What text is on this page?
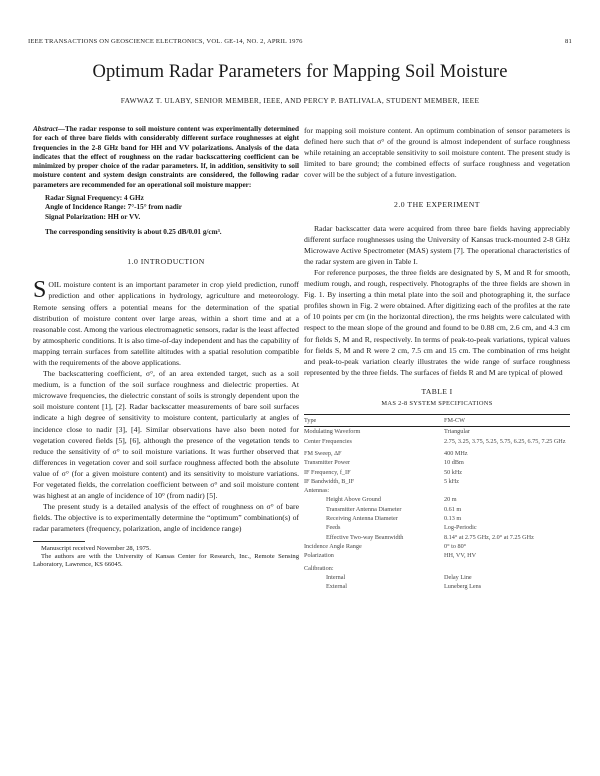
IEEE TRANSACTIONS ON GEOSCIENCE ELECTRONICS, VOL. GE-14, NO. 2, APRIL 1976	81
Optimum Radar Parameters for Mapping Soil Moisture
FAWWAZ T. ULABY, SENIOR MEMBER, IEEE, AND PERCY P. BATLIVALA, STUDENT MEMBER, IEEE

Abstract—The radar response to soil moisture content was experimentally determined for each of three bare fields with considerably different surface roughnesses at eight frequencies in the 2-8 GHz band for HH and VV polarizations. Analysis of the data indicates that the effect of roughness on the radar backscattering coefficient can be minimized by proper choice of the radar parameters. If, in addition, sensitivity to soil moisture content and system design constraints are considered, the following radar parameters are recommended for an operational soil moisture mapper:

Radar Signal Frequency: 4 GHz
Angle of Incidence Range: 7°-15° from nadir
Signal Polarization: HH or VV.
The corresponding sensitivity is about 0.25 dB/0.01 g/cm³.
1.0 INTRODUCTION

SOIL moisture content is an important parameter in crop yield prediction, runoff prediction and other applications in hydrology, agriculture and meteorology. Remote sensing offers a potential means for the determination of the spatial distribution of moisture content over large areas, within a short time and at a reasonable cost. Among the various electromagnetic sensors, radar is the least affected by atmospheric conditions. It is also time-of-day independent and has the capability of mapping terrain surfaces from satellite altitudes with a spatial resolution compatible with the requirements of the above applications.

The backscattering coefficient, σ°, of an area extended target, such as a soil medium, is a function of the soil surface roughness and dielectric properties. At microwave frequencies, the dielectric constant of soils is strongly dependent upon the soil moisture content [1], [2]. Radar backscatter measurements of bare soil surfaces indicate a high degree of sensitivity to moisture content, particularly at angles of incidence close to nadir [3], [4]. Similar observations have also been noted for vegetation covered fields [5], [6], although the presence of the vegetation tends to reduce the sensitivity of σ° to soil moisture variations. It was further observed that differences in vegetation cover and soil surface roughness affected both the absolute value of σ° (for a given moisture content) and its sensitivity to moisture variations. For vegetated fields, the correlation coefficient between σ° and soil moisture content was highest at an angle of incidence of 10° (from nadir) [5].

The present study is a detailed analysis of the effect of roughness on σ° of bare fields. The objective is to experimentally determine the “optimum” combination(s) of radar parameters (frequency, polarization, angle of incidence range)

Manuscript received November 28, 1975.

The authors are with the University of Kansas Center for Research, Inc., Remote Sensing Laboratory, Lawrence, KS 66045.

for mapping soil moisture content. An optimum combination of sensor parameters is defined here such that σ° of the ground is almost independent of surface roughness while retaining an acceptable sensitivity to soil moisture content. The present study is limited to bare ground; the combined effects of surface roughness and vegetation cover will be the subject of a future investigation.

2.0 THE EXPERIMENT

Radar backscatter data were acquired from three bare fields having appreciably different surface roughnesses using the University of Kansas truck-mounted 2-8 GHz Microwave Active Spectrometer (MAS) system [7]. The operational characteristics of the radar system are given in Table I.

For reference purposes, the three fields are designated by S, M and R for smooth, medium rough, and rough, respectively. Photographs of the three fields are shown in Fig. 1. By inserting a thin metal plate into the soil and photographing it, the surface profiles shown in Fig. 2 were obtained. After digitizing each of the profiles at the rate of 10 points per cm (in the horizontal direction), the rms heights were calculated with respect to the mean slope of the ground and found to be 0.88 cm, 2.6 cm, and 4.3 cm for fields S, M and R, respectively. In terms of peak-to-peak variations, typical values for fields S, M and R were 2 cm, 7.5 cm and 15 cm. The combination of rms height and peak-to-peak variation clearly illustrates the wide range of surface roughness represented by the three fields. The surfaces of fields R and M are typical of plowed

TABLE I
MAS 2-8 SYSTEM SPECIFICATIONS
Type	FM-CW
Modulating Waveform	Triangular
Center Frequencies	2.75, 3.25, 3.75, 5.25, 5.75, 6.25, 6.75, 7.25 GHz
FM Sweep, ΔF	400 MHz
Transmitter Power	10 dBm
IF Frequency, f_IF	50 kHz
IF Bandwidth, B_IF	5 kHz
Antennas:	
Height Above Ground	20 m
Transmitter Antenna Diameter	0.61 m
Receiving Antenna Diameter	0.13 m
Feeds	Log-Periodic
Effective Two-way Beamwidth	8.14° at 2.75 GHz, 2.0° at 7.25 GHz
Incidence Angle Range	0° to 80°
Polarization	HH, VV, HV

Calibration:	
Internal	Delay Line
External	Luneberg Lens
